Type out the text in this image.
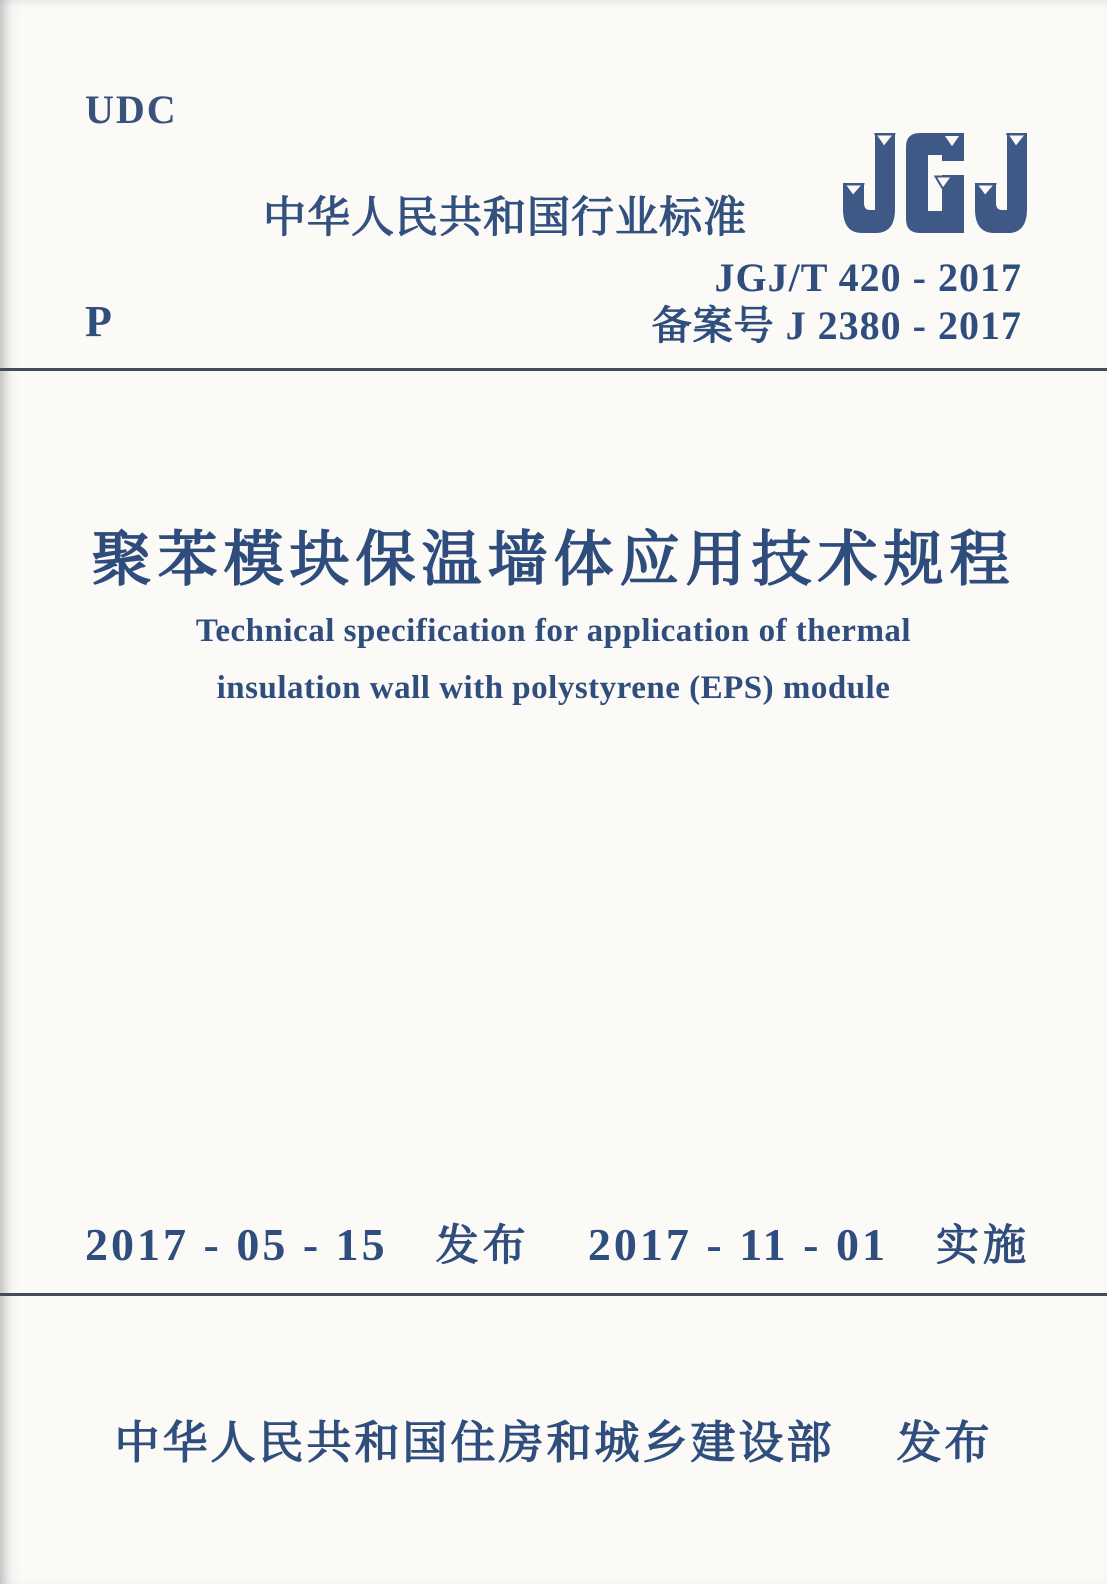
UDC
中华人民共和国行业标准
JGJ/T 420 - 2017
备案号 J 2380 - 2017
P
聚苯模块保温墙体应用技术规程
Technical specification for application of thermal
insulation wall with polystyrene (EPS) module
2017 - 05 - 15 发布 2017 - 11 - 01 实施
中华人民共和国住房和城乡建设部 发布
